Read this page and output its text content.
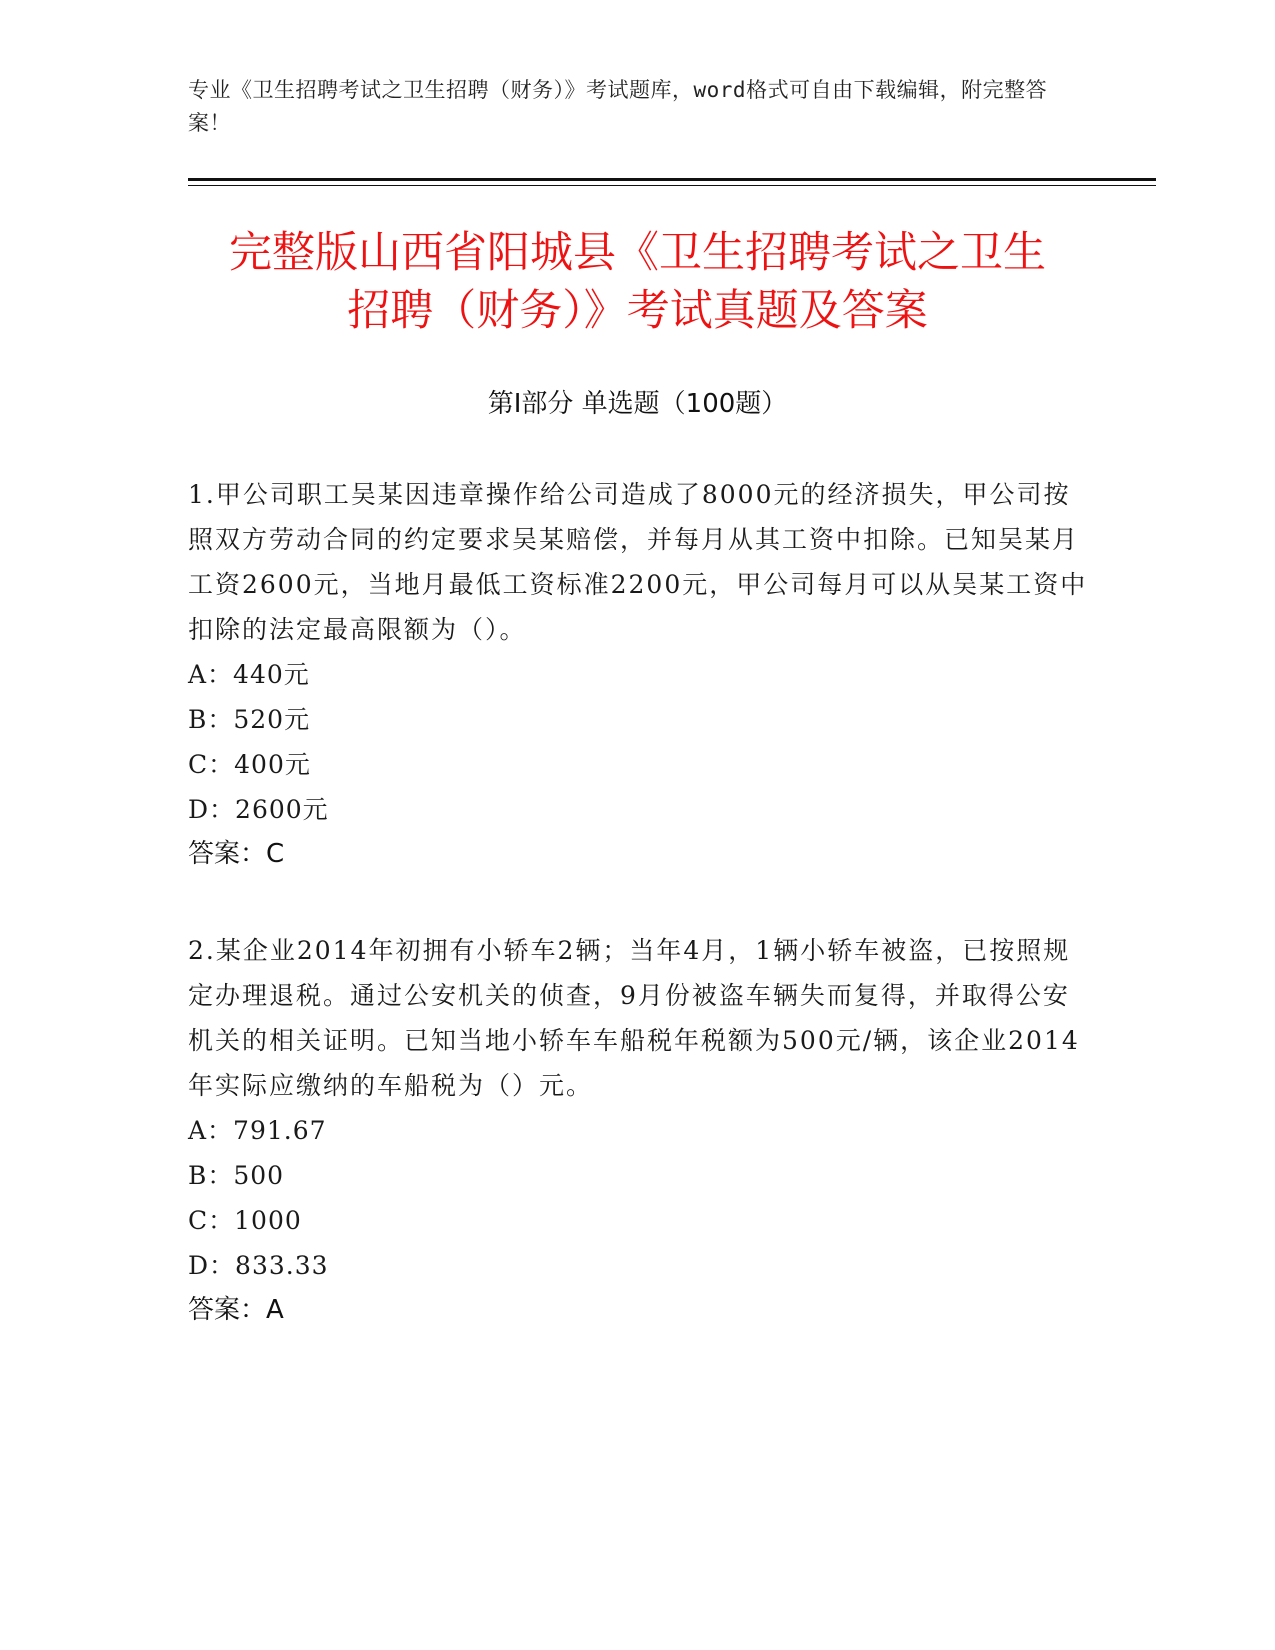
专业《卫生招聘考试之卫生招聘（财务）》考试题库，word格式可自由下载编辑，附完整答案！
完整版山西省阳城县《卫生招聘考试之卫生
招聘（财务）》考试真题及答案
第Ⅰ部分 单选题（100题）

1.甲公司职工吴某因违章操作给公司造成了8000元的经济损失，甲公司按照双方劳动合同的约定要求吴某赔偿，并每月从其工资中扣除。已知吴某月工资2600元，当地月最低工资标准2200元，甲公司每月可以从吴某工资中扣除的法定最高限额为（）。

A：440元

B：520元

C：400元

D：2600元

答案：C

2.某企业2014年初拥有小轿车2辆；当年4月，1辆小轿车被盗，已按照规定办理退税。通过公安机关的侦查，9月份被盗车辆失而复得，并取得公安机关的相关证明。已知当地小轿车车船税年税额为500元/辆，该企业2014年实际应缴纳的车船税为（）元。

A：791.67

B：500

C：1000

D：833.33

答案：A
